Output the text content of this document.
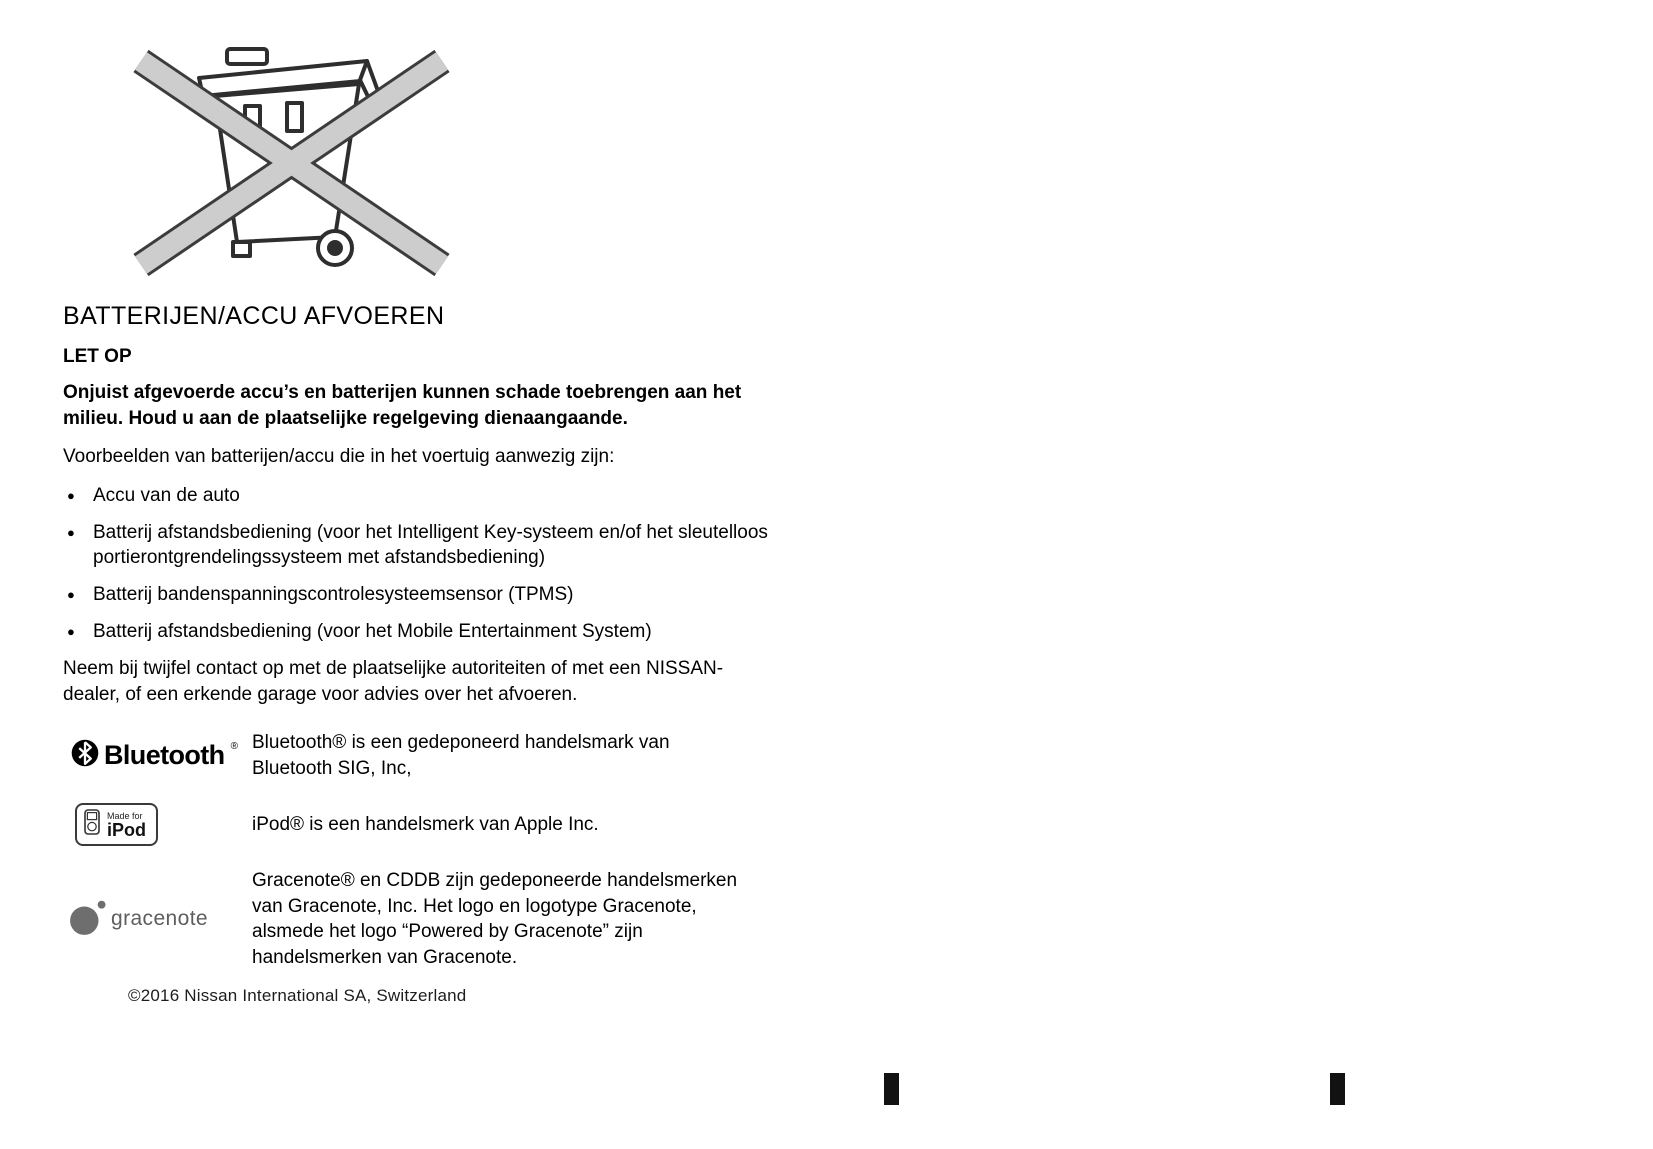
BATTERIJEN/ACCU AFVOEREN
LET OP
Onjuist afgevoerde accu’s en batterijen kunnen schade toebrengen aan het milieu. Houd u aan de plaatselijke regelgeving dienaangaande.
Voorbeelden van batterijen/accu die in het voertuig aanwezig zijn:
● Accu van de auto
● Batterij afstandsbediening (voor het Intelligent Key-systeem en/of het sleutelloos portierontgrendelingssysteem met afstandsbediening)
● Batterij bandenspanningscontrolesysteemsensor (TPMS)
● Batterij afstandsbediening (voor het Mobile Entertainment System)
Neem bij twijfel contact op met de plaatselijke autoriteiten of met een NISSAN-dealer, of een erkende garage voor advies over het afvoeren.
Bluetooth ® Bluetooth® is een gedeponeerd handelsmark van Bluetooth SIG, Inc,
Made for
iPod	iPod® is een handelsmerk van Apple Inc.
gracenote
Gracenote® en CDDB zijn gedeponeerde handelsmerken van Gracenote, Inc. Het logo en logotype Gracenote, alsmede het logo “Powered by Gracenote” zijn handelsmerken van Gracenote.
©2016 Nissan International SA, Switzerland
